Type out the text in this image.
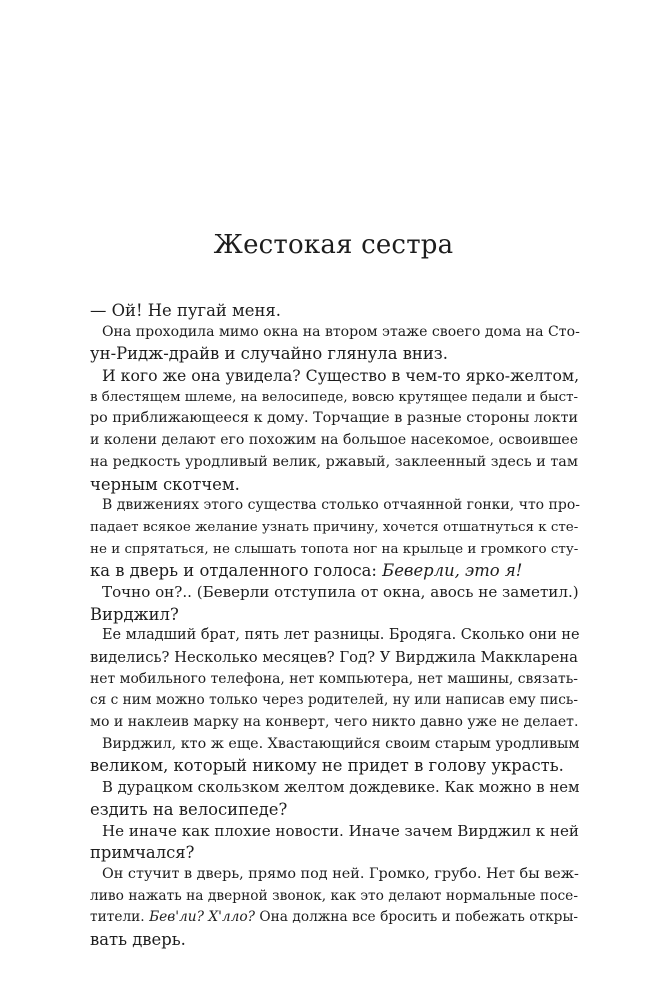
Жестокая сестра
— Ой! Не пугай меня.
Она проходила мимо окна на втором этаже своего дома на Сто-
ун-Ридж-драйв и случайно глянула вниз.
И кого же она увидела? Существо в чем-то ярко-желтом,
в блестящем шлеме, на велосипеде, вовсю крутящее педали и быст-
ро приближающееся к дому. Торчащие в разные стороны локти
и колени делают его похожим на большое насекомое, освоившее
на редкость уродливый велик, ржавый, заклеенный здесь и там
черным скотчем.
В движениях этого существа столько отчаянной гонки, что про-
падает всякое желание узнать причину, хочется отшатнуться к сте-
не и спрятаться, не слышать топота ног на крыльце и громкого сту-
ка в дверь и отдаленного голоса: Беверли, это я!
Точно он?.. (Беверли отступила от окна, авось не заметил.)
Вирджил?
Ее младший брат, пять лет разницы. Бродяга. Сколько они не
виделись? Несколько месяцев? Год? У Вирджила Маккларена
нет мобильного телефона, нет компьютера, нет машины, связать-
ся с ним можно только через родителей, ну или написав ему пись-
мо и наклеив марку на конверт, чего никто давно уже не делает.
Вирджил, кто ж еще. Хвастающийся своим старым уродливым
великом, который никому не придет в голову украсть.
В дурацком скользком желтом дождевике. Как можно в нем
ездить на велосипеде?
Не иначе как плохие новости. Иначе зачем Вирджил к ней
примчался?
Он стучит в дверь, прямо под ней. Громко, грубо. Нет бы веж-
ливо нажать на дверной звонок, как это делают нормальные посе-
тители. Бев'ли? Х'лло? Она должна все бросить и побежать откры-
вать дверь.
